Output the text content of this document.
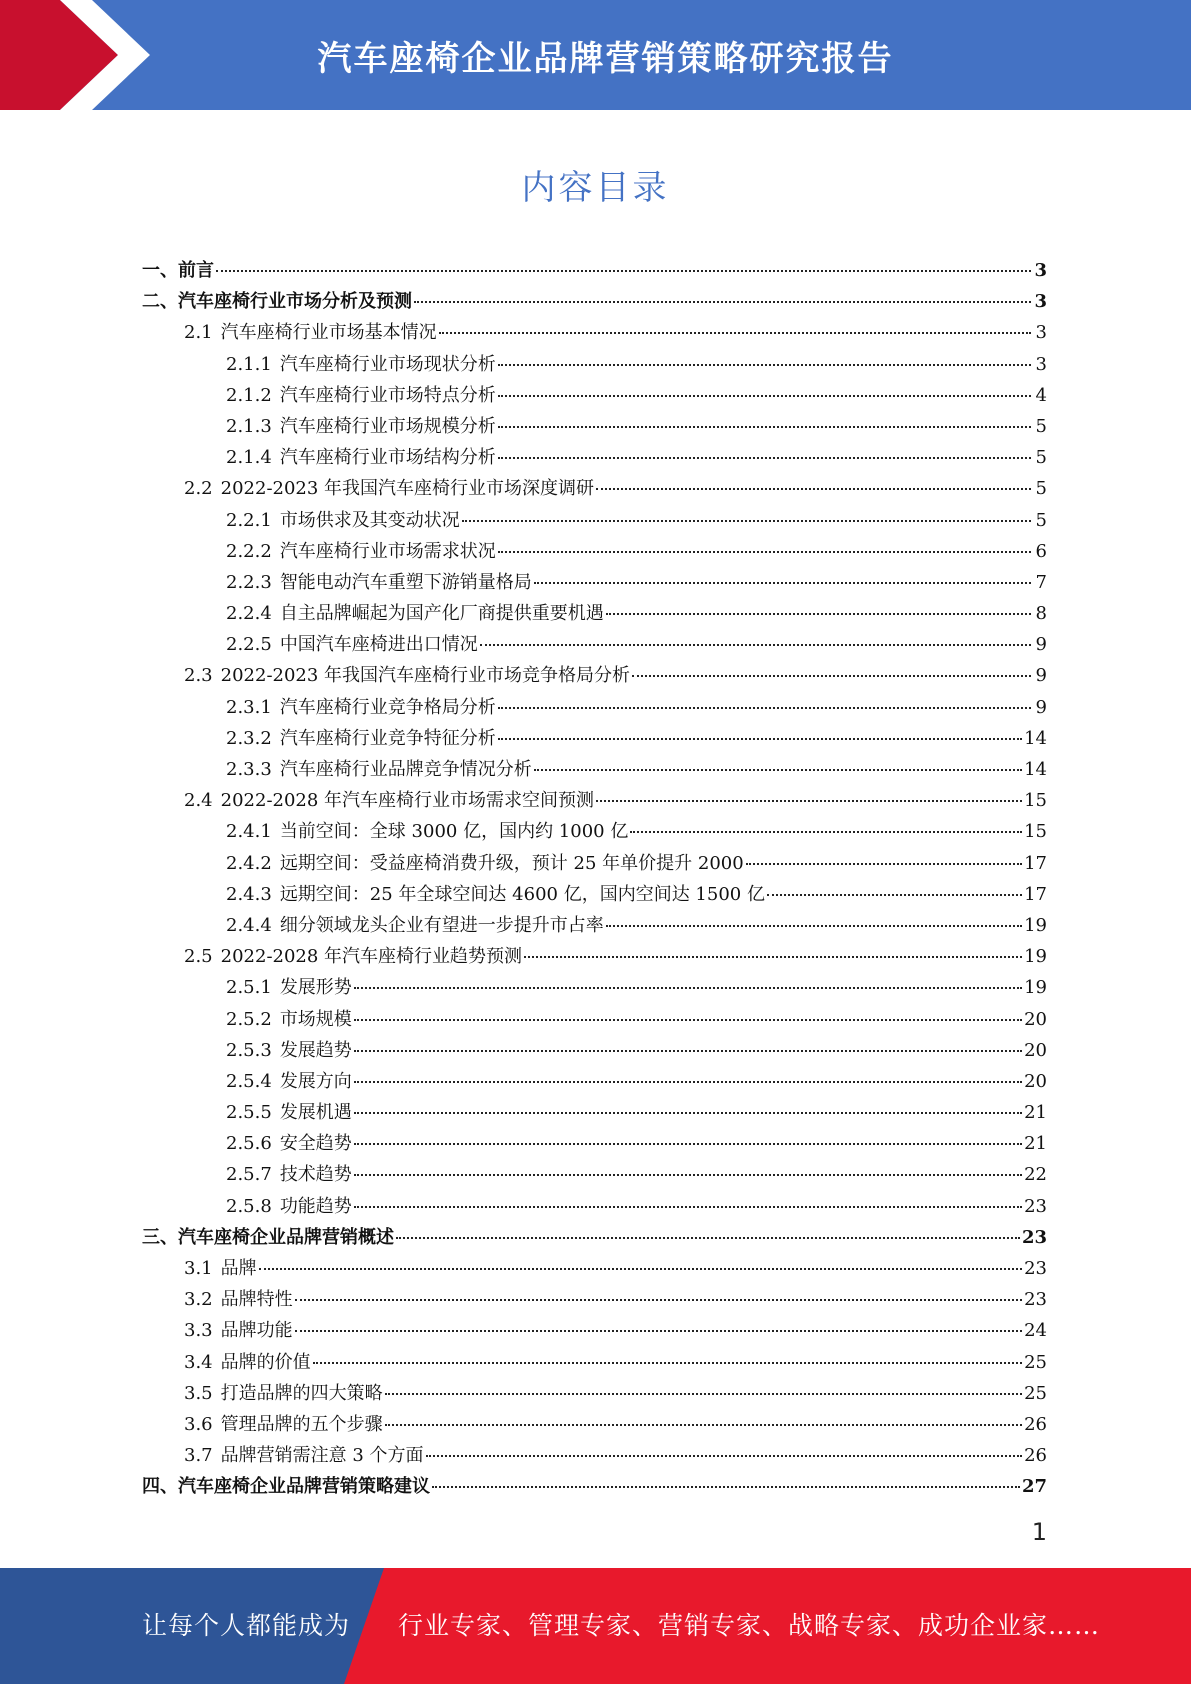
汽车座椅企业品牌营销策略研究报告
内容目录
一、前言	3
二、汽车座椅行业市场分析及预测	3
2.1 汽车座椅行业市场基本情况	3
2.1.1 汽车座椅行业市场现状分析	3
2.1.2 汽车座椅行业市场特点分析	4
2.1.3 汽车座椅行业市场规模分析	5
2.1.4 汽车座椅行业市场结构分析	5
2.2 2022-2023 年我国汽车座椅行业市场深度调研	5
2.2.1 市场供求及其变动状况	5
2.2.2 汽车座椅行业市场需求状况	6
2.2.3 智能电动汽车重塑下游销量格局	7
2.2.4 自主品牌崛起为国产化厂商提供重要机遇	8
2.2.5 中国汽车座椅进出口情况	9
2.3 2022-2023 年我国汽车座椅行业市场竞争格局分析	9
2.3.1 汽车座椅行业竞争格局分析	9
2.3.2 汽车座椅行业竞争特征分析	14
2.3.3 汽车座椅行业品牌竞争情况分析	14
2.4 2022-2028 年汽车座椅行业市场需求空间预测	15
2.4.1 当前空间：全球 3000 亿，国内约 1000 亿	15
2.4.2 远期空间：受益座椅消费升级，预计 25 年单价提升 2000	17
2.4.3 远期空间：25 年全球空间达 4600 亿，国内空间达 1500 亿	17
2.4.4 细分领域龙头企业有望进一步提升市占率	19
2.5 2022-2028 年汽车座椅行业趋势预测	19
2.5.1 发展形势	19
2.5.2 市场规模	20
2.5.3 发展趋势	20
2.5.4 发展方向	20
2.5.5 发展机遇	21
2.5.6 安全趋势	21
2.5.7 技术趋势	22
2.5.8 功能趋势	23
三、汽车座椅企业品牌营销概述	23
3.1 品牌	23
3.2 品牌特性	23
3.3 品牌功能	24
3.4 品牌的价值	25
3.5 打造品牌的四大策略	25
3.6 管理品牌的五个步骤	26
3.7 品牌营销需注意 3 个方面	26
四、汽车座椅企业品牌营销策略建议	27
1
让每个人都能成为 行业专家、管理专家、营销专家、战略专家、成功企业家……
